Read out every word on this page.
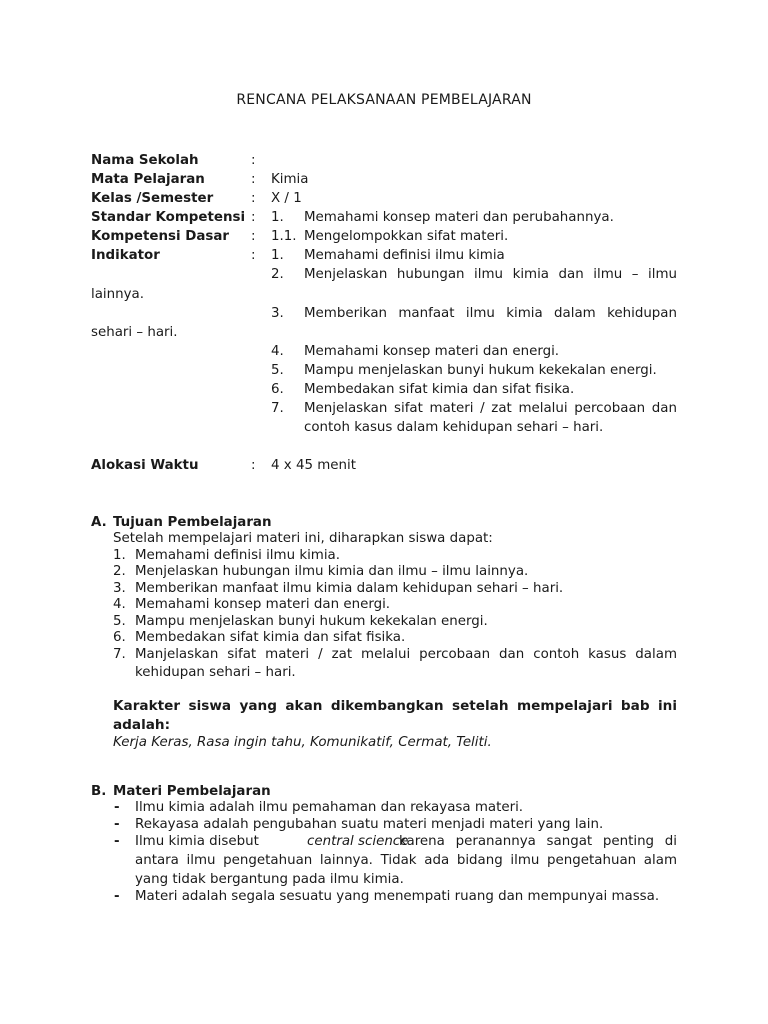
RENCANA PELAKSANAAN PEMBELAJARAN
Nama Sekolah	:
Mata Pelajaran	: Kimia
Kelas /Semester	: X / 1
Standar Kompetensi : 1. Memahami konsep materi dan perubahannya.
Kompetensi Dasar : 1.1. Mengelompokkan sifat materi.
Indikator	: 1. Memahami definisi ilmu kimia
2. Menjelaskan hubungan ilmu kimia dan ilmu – ilmu
lainnya.
3. Memberikan manfaat ilmu kimia dalam kehidupan
sehari – hari.
4. Memahami konsep materi dan energi.
5. Mampu menjelaskan bunyi hukum kekekalan energi.
6. Membedakan sifat kimia dan sifat fisika.
7. Menjelaskan sifat materi / zat melalui percobaan dan
contoh kasus dalam kehidupan sehari – hari.
Alokasi Waktu	: 4 x 45 menit
A. Tujuan Pembelajaran
Setelah mempelajari materi ini, diharapkan siswa dapat:
1. Memahami definisi ilmu kimia.
2. Menjelaskan hubungan ilmu kimia dan ilmu – ilmu lainnya.
3. Memberikan manfaat ilmu kimia dalam kehidupan sehari – hari.
4. Memahami konsep materi dan energi.
5. Mampu menjelaskan bunyi hukum kekekalan energi.
6. Membedakan sifat kimia dan sifat fisika.
7. Manjelaskan sifat materi / zat melalui percobaan dan contoh kasus dalam
kehidupan sehari – hari.
Karakter siswa yang akan dikembangkan setelah mempelajari bab ini
adalah:
Kerja Keras, Rasa ingin tahu, Komunikatif, Cermat, Teliti.
B. Materi Pembelajaran
- Ilmu kimia adalah ilmu pemahaman dan rekayasa materi.
- Rekayasa adalah pengubahan suatu materi menjadi materi yang lain.
- Ilmu kimia disebut	central science
karena peranannya sangat penting di
antara ilmu pengetahuan lainnya. Tidak ada bidang ilmu pengetahuan alam
yang tidak bergantung pada ilmu kimia.
- Materi adalah segala sesuatu yang menempati ruang dan mempunyai massa.
